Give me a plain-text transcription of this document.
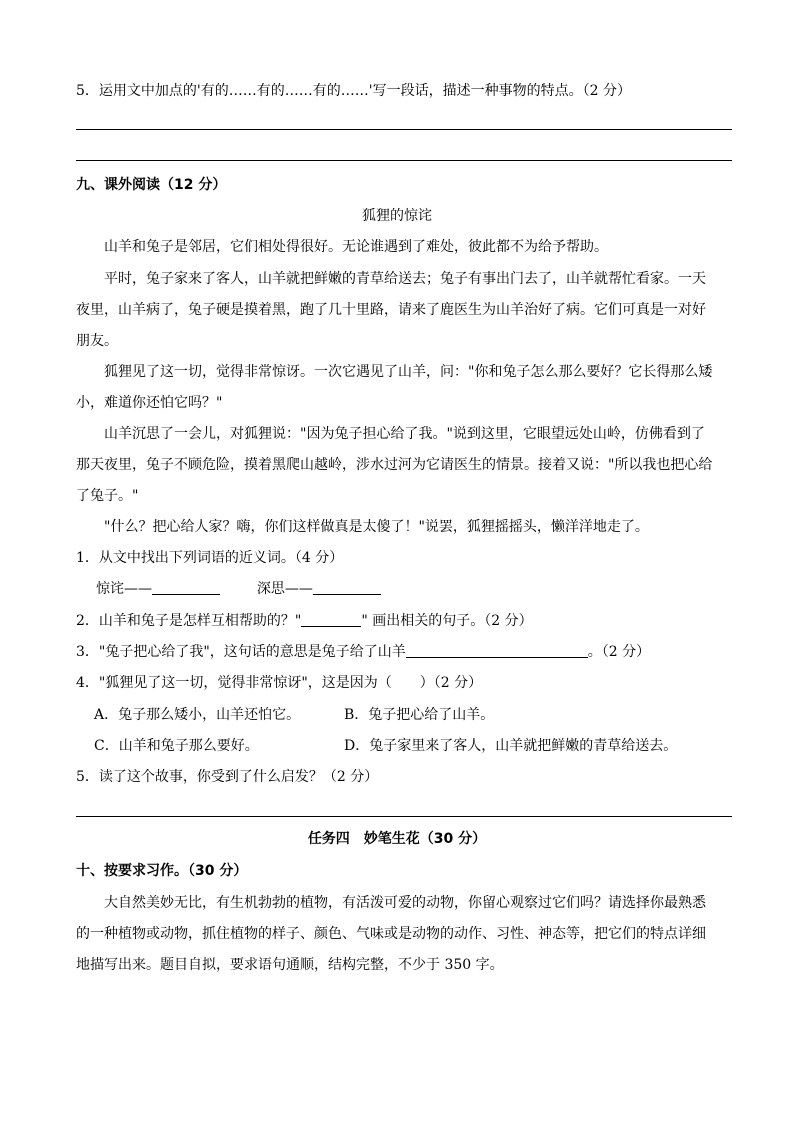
5．运用文中加点的'有的……有的……有的……'写一段话，描述一种事物的特点。（2 分）
九、课外阅读（12 分）
狐狸的惊诧
山羊和兔子是邻居，它们相处得很好。无论谁遇到了难处，彼此都不为给予帮助。
平时，兔子家来了客人，山羊就把鲜嫩的青草给送去；兔子有事出门去了，山羊就帮忙看家。一天
夜里，山羊病了，兔子硬是摸着黑，跑了几十里路，请来了鹿医生为山羊治好了病。它们可真是一对好
朋友。
狐狸见了这一切，觉得非常惊讶。一次它遇见了山羊，问："你和兔子怎么那么要好？它长得那么矮
小，难道你还怕它吗？"
山羊沉思了一会儿，对狐狸说："因为兔子担心给了我。"说到这里，它眼望远处山岭，仿佛看到了
那天夜里，兔子不顾危险，摸着黑爬山越岭，涉水过河为它请医生的情景。接着又说："所以我也把心给
了兔子。"
"什么？把心给人家？嗨，你们这样做真是太傻了！"说罢，狐狸摇摇头，懒洋洋地走了。
1．从文中找出下列词语的近义词。（4 分）
惊诧——	深思——
2．山羊和兔子是怎样互相帮助的？"	" 画出相关的句子。（2 分）
3．"兔子把心给了我"，这句话的意思是兔子给了山羊	。（2 分）
4．"狐狸见了这一切，觉得非常惊讶"，这是因为（　　）（2 分）
A．兔子那么矮小，山羊还怕它。	B．兔子把心给了山羊。
C．山羊和兔子那么要好。	D．兔子家里来了客人，山羊就把鲜嫩的青草给送去。
5．读了这个故事，你受到了什么启发？（2 分）
任务四　妙笔生花（30 分）
十、按要求习作。（30 分）
大自然美妙无比，有生机勃勃的植物，有活泼可爱的动物，你留心观察过它们吗？请选择你最熟悉
的一种植物或动物，抓住植物的样子、颜色、气味或是动物的动作、习性、神态等，把它们的特点详细
地描写出来。题目自拟，要求语句通顺，结构完整，不少于 350 字。
